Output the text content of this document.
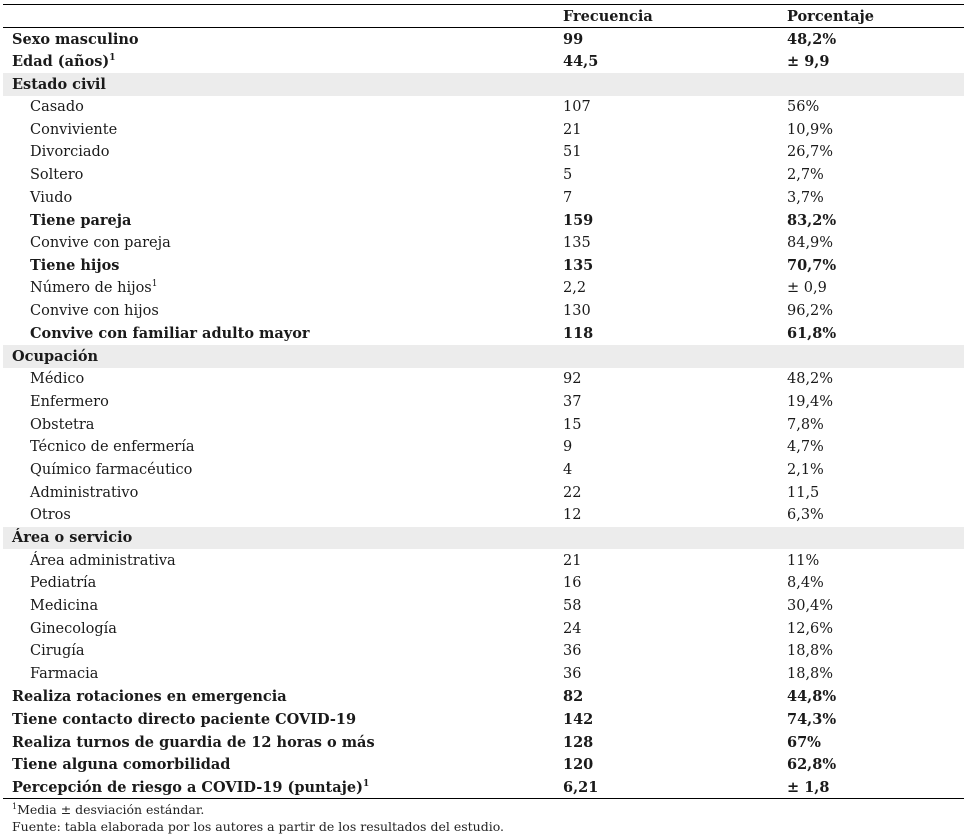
	Frecuencia	Porcentaje
Sexo masculino	99	48,2%
Edad (años)$^1$	44,5	± 9,9
Estado civil		
Casado	107	56%
Conviviente	21	10,9%
Divorciado	51	26,7%
Soltero	5	2,7%
Viudo	7	3,7%
Tiene pareja	159	83,2%
Convive con pareja	135	84,9%
Tiene hijos	135	70,7%
Número de hijos$^1$	2,2	± 0,9
Convive con hijos	130	96,2%
Convive con familiar adulto mayor	118	61,8%
Ocupación		
Médico	92	48,2%
Enfermero	37	19,4%
Obstetra	15	7,8%
Técnico de enfermería	9	4,7%
Químico farmacéutico	4	2,1%
Administrativo	22	11,5
Otros	12	6,3%
Área o servicio		
Área administrativa	21	11%
Pediatría	16	8,4%
Medicina	58	30,4%
Ginecología	24	12,6%
Cirugía	36	18,8%
Farmacia	36	18,8%
Realiza rotaciones en emergencia	82	44,8%
Tiene contacto directo paciente COVID-19	142	74,3%
Realiza turnos de guardia de 12 horas o más	128	67%
Tiene alguna comorbilidad	120	62,8%
Percepción de riesgo a COVID-19 (puntaje)$^1$	6,21	± 1,8
$^1$Media ± desviación estándar.
Fuente: tabla elaborada por los autores a partir de los resultados del estudio.
